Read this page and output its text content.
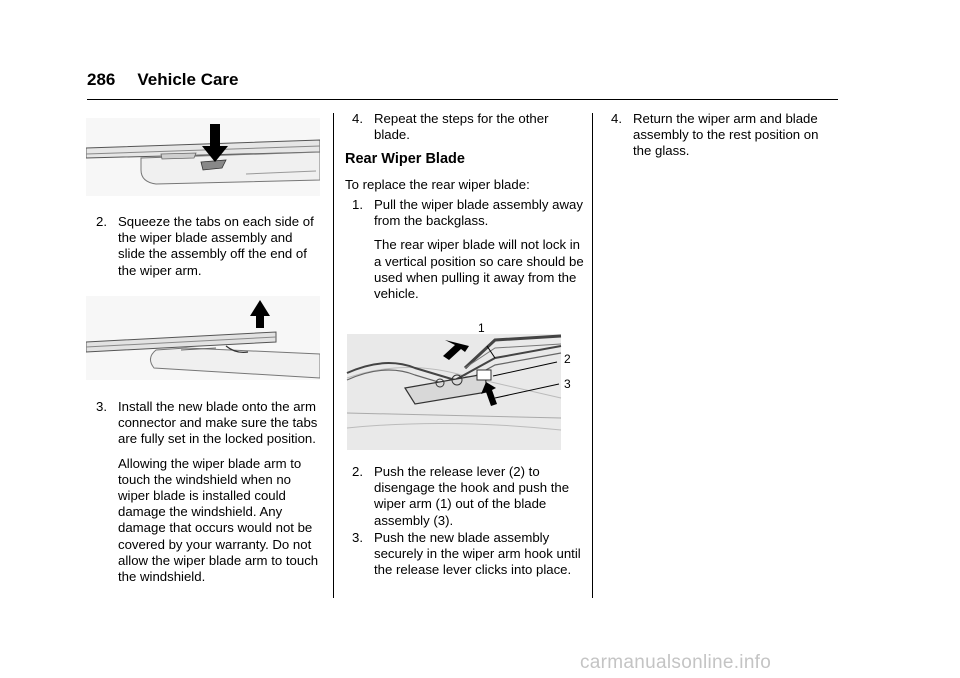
286 Vehicle Care
2. Squeeze the tabs on each side of the wiper blade assembly and slide the assembly off the end of the wiper arm.
3. Install the new blade onto the arm connector and make sure the tabs are fully set in the locked position.
Allowing the wiper blade arm to touch the windshield when no wiper blade is installed could damage the windshield. Any damage that occurs would not be covered by your warranty. Do not allow the wiper blade arm to touch the windshield.
4. Repeat the steps for the other blade.
Rear Wiper Blade
To replace the rear wiper blade:
1. Pull the wiper blade assembly away from the backglass.
The rear wiper blade will not lock in a vertical position so care should be used when pulling it away from the vehicle.
1
2
3
2. Push the release lever (2) to disengage the hook and push the wiper arm (1) out of the blade assembly (3).
3. Push the new blade assembly securely in the wiper arm hook until the release lever clicks into place.
4. Return the wiper arm and blade assembly to the rest position on the glass.
carmanualsonline.info
